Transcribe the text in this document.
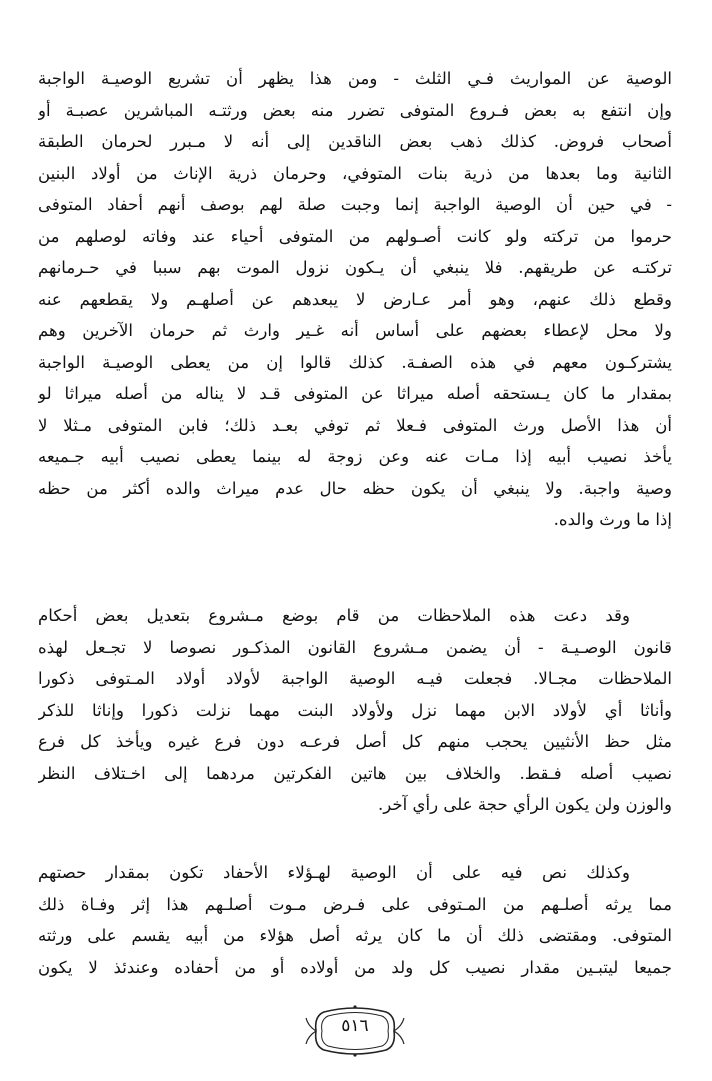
الوصية عن المواريث فـي الثلث - ومن هذا يظهر أن تشريع الوصيـة الواجبة
وإن انتفع به بعض فـروع المتوفى تضرر منه بعض ورثتـه المباشرين عصبـة أو
أصحاب فروض. كذلك ذهب بعض الناقدين إلى أنه لا مـبرر لحرمان الطبقة
الثانية وما بعدها من ذرية بنات المتوفي، وحرمان ذرية الإناث من أولاد البنين
- في حين أن الوصية الواجبة إنما وجبت صلة لهم بوصف أنهم أحفاد المتوفى
حرموا من تركته ولو كانت أصـولهم من المتوفى أحياء عند وفاته لوصلهم من
تركتـه عن طريقهم. فلا ينبغي أن يـكون نزول الموت بهم سببا في حـرمانهم
وقطع ذلك عنهم، وهو أمر عـارض لا يبعدهم عن أصلهـم ولا يقطعهم عنه
ولا محل لإعطاء بعضهم على أساس أنه غـير وارث ثم حرمان الآخرين وهم
يشتركـون معهم في هذه الصفـة. كذلك قالوا إن من يعطى الوصيـة الواجبة
بمقدار ما كان يـستحقه أصله ميراثا عن المتوفى قـد لا يناله من أصله ميراثا لو
أن هذا الأصل ورث المتوفى فـعلا ثم توفي بعـد ذلك؛ فابن المتوفى مـثلا لا
يأخذ نصيب أبيه إذا مـات عنه وعن زوجة له بينما يعطى نصيب أبيه جـميعه
وصية واجبة. ولا ينبغي أن يكون حظه حال عدم ميراث والده أكثر من حظه
إذا ما ورث والده.
وقد دعت هذه الملاحظات من قام بوضع مـشروع بتعديل بعض أحكام
قانون الوصـيـة - أن يضمن مـشروع القانون المذكـور نصوصا لا تجـعل لهذه
الملاحظات مجـالا. فجعلت فيـه الوصية الواجبة لأولاد أولاد المـتوفى ذكورا
وأناثا أي لأولاد الابن مهما نزل ولأولاد البنت مهما نزلت ذكورا وإناثا للذكر
مثل حظ الأنثيين يحجب منهم كل أصل فرعـه دون فرع غيره ويأخذ كل فرع
نصيب أصله فـقط. والخلاف بين هاتين الفكرتين مردهما إلى اخـتلاف النظر
والوزن ولن يكون الرأي حجة على رأي آخر.
وكذلك نص فيه على أن الوصية لهـؤلاء الأحفاد تكون بمقدار حصتهم
مما يرثه أصلـهم من المـتوفى على فـرض مـوت أصلـهم هذا إثر وفـاة ذلك
المتوفى. ومقتضى ذلك أن ما كان يرثه أصل هؤلاء من أبيه يقسم على ورثته
جميعا ليتبـين مقدار نصيب كل ولد من أولاده أو من أحفاده وعندئذ لا يكون
٥١٦
